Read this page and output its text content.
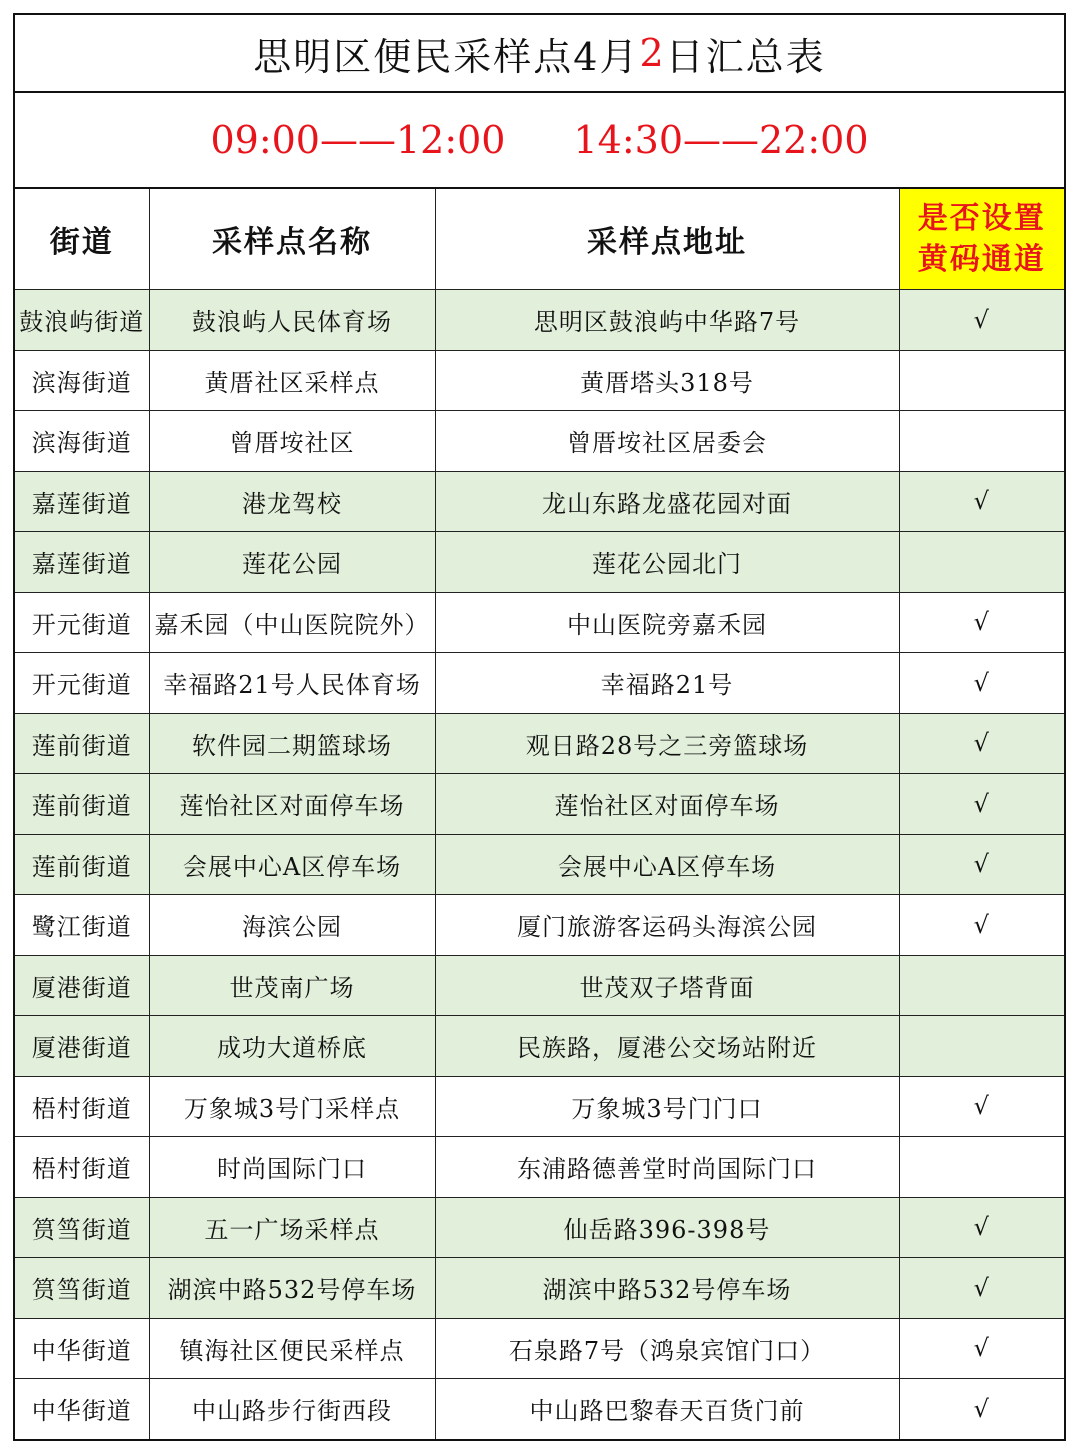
思明区便民采样点4月 2 日汇总表
09:00——12:00 14:30——22:00
街道	采样点名称	采样点地址	是否设置
黄码通道

鼓浪屿街道	鼓浪屿人民体育场	思明区鼓浪屿中华路7号	√
滨海街道	黄厝社区采样点	黄厝塔头318号	
滨海街道	曾厝垵社区	曾厝垵社区居委会	
嘉莲街道	港龙驾校	龙山东路龙盛花园对面	√
嘉莲街道	莲花公园	莲花公园北门	
开元街道	嘉禾园（中山医院院外）	中山医院旁嘉禾园	√
开元街道	幸福路21号人民体育场	幸福路21号	√
莲前街道	软件园二期篮球场	观日路28号之三旁篮球场	√
莲前街道	莲怡社区对面停车场	莲怡社区对面停车场	√
莲前街道	会展中心A区停车场	会展中心A区停车场	√
鹭江街道	海滨公园	厦门旅游客运码头海滨公园	√
厦港街道	世茂南广场	世茂双子塔背面	
厦港街道	成功大道桥底	民族路，厦港公交场站附近	
梧村街道	万象城3号门采样点	万象城3号门门口	√
梧村街道	时尚国际门口	东浦路德善堂时尚国际门口	
筼筜街道	五一广场采样点	仙岳路396-398号	√
筼筜街道	湖滨中路532号停车场	湖滨中路532号停车场	√
中华街道	镇海社区便民采样点	石泉路7号（鸿泉宾馆门口）	√
中华街道	中山路步行街西段	中山路巴黎春天百货门前	√
